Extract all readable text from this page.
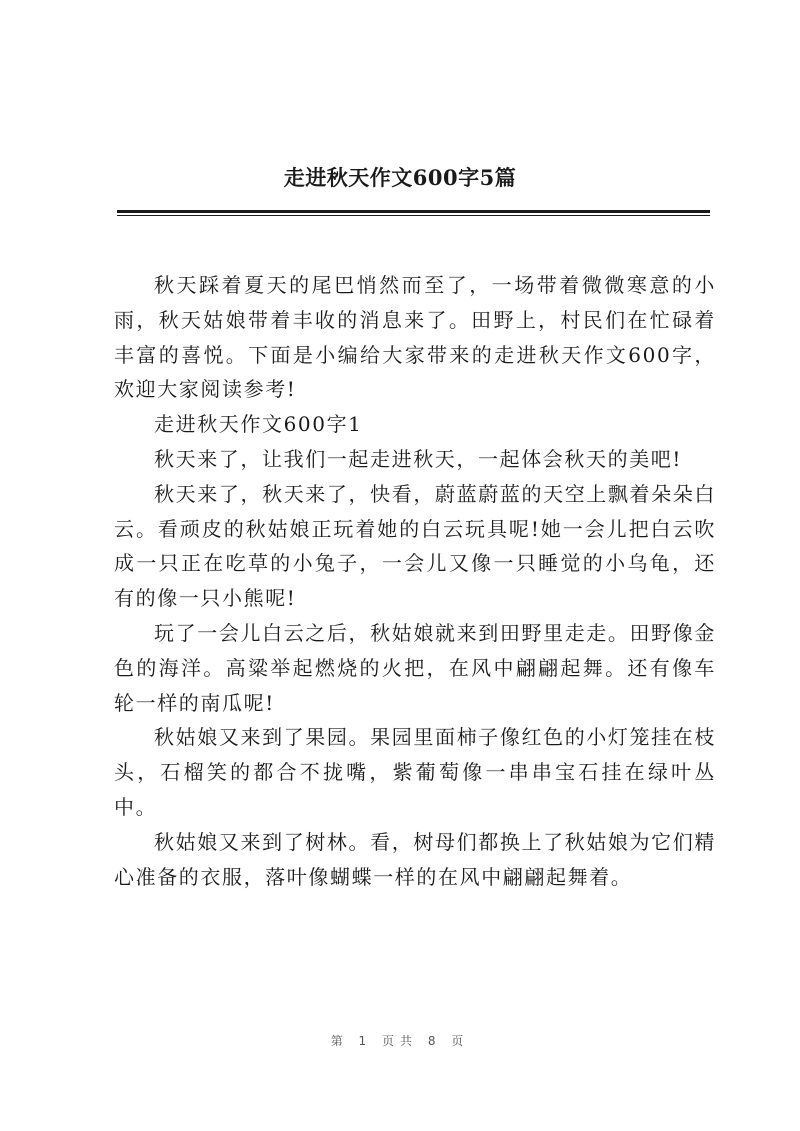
走进秋天作文600字5篇

秋天踩着夏天的尾巴悄然而至了，一场带着微微寒意的小雨，秋天姑娘带着丰收的消息来了。田野上，村民们在忙碌着丰富的喜悦。下面是小编给大家带来的走进秋天作文600字，欢迎大家阅读参考!

走进秋天作文600字1

秋天来了，让我们一起走进秋天，一起体会秋天的美吧!

秋天来了，秋天来了，快看，蔚蓝蔚蓝的天空上飘着朵朵白云。看顽皮的秋姑娘正玩着她的白云玩具呢!她一会儿把白云吹成一只正在吃草的小兔子，一会儿又像一只睡觉的小乌龟，还有的像一只小熊呢!

玩了一会儿白云之后，秋姑娘就来到田野里走走。田野像金色的海洋。高粱举起燃烧的火把，在风中翩翩起舞。还有像车轮一样的南瓜呢!

秋姑娘又来到了果园。果园里面柿子像红色的小灯笼挂在枝头，石榴笑的都合不拢嘴，紫葡萄像一串串宝石挂在绿叶丛中。

秋姑娘又来到了树林。看，树母们都换上了秋姑娘为它们精心准备的衣服，落叶像蝴蝶一样的在风中翩翩起舞着。

第 1 页共 8 页
